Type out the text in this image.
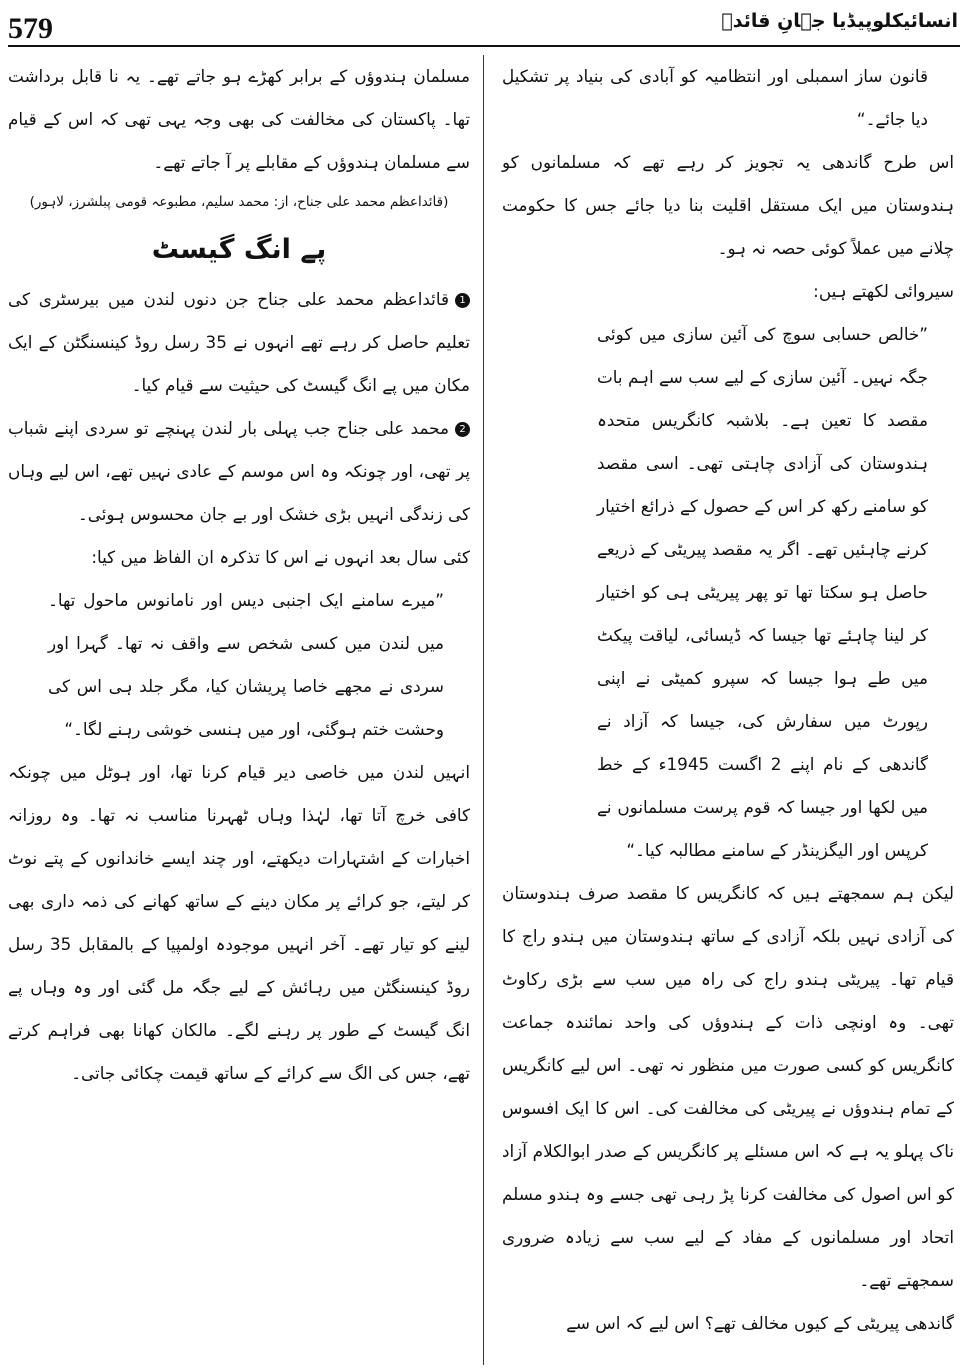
579	انسائیکلوپیڈیا جہانِ قائدؒ

قانون ساز اسمبلی اور انتظامیہ کو آبادی کی بنیاد پر تشکیل دیا جائے۔“

اس طرح گاندھی یہ تجویز کر رہے تھے کہ مسلمانوں کو ہندوستان میں ایک مستقل اقلیت بنا دیا جائے جس کا حکومت چلانے میں عملاً کوئی حصہ نہ ہو۔

سیروائی لکھتے ہیں:

”خالص حسابی سوچ کی آئین سازی میں کوئی جگہ نہیں۔ آئین سازی کے لیے سب سے اہم بات مقصد کا تعین ہے۔ بلاشبہ کانگریس متحدہ ہندوستان کی آزادی چاہتی تھی۔ اسی مقصد کو سامنے رکھ کر اس کے حصول کے ذرائع اختیار کرنے چاہئیں تھے۔ اگر یہ مقصد پیریٹی کے ذریعے حاصل ہو سکتا تھا تو پھر پیریٹی ہی کو اختیار کر لینا چاہئے تھا جیسا کہ ڈیسائی، لیاقت پیکٹ میں طے ہوا جیسا کہ سپرو کمیٹی نے اپنی رپورٹ میں سفارش کی، جیسا کہ آزاد نے گاندھی کے نام اپنے 2 اگست 1945ء کے خط میں لکھا اور جیسا کہ قوم پرست مسلمانوں نے کرپس اور الیگزینڈر کے سامنے مطالبہ کیا۔“

لیکن ہم سمجھتے ہیں کہ کانگریس کا مقصد صرف ہندوستان کی آزادی نہیں بلکہ آزادی کے ساتھ ہندوستان میں ہندو راج کا قیام تھا۔ پیریٹی ہندو راج کی راہ میں سب سے بڑی رکاوٹ تھی۔ وہ اونچی ذات کے ہندوؤں کی واحد نمائندہ جماعت کانگریس کو کسی صورت میں منظور نہ تھی۔ اس لیے کانگریس کے تمام ہندوؤں نے پیریٹی کی مخالفت کی۔ اس کا ایک افسوس ناک پہلو یہ ہے کہ اس مسئلے پر کانگریس کے صدر ابوالکلام آزاد کو اس اصول کی مخالفت کرنا پڑ رہی تھی جسے وہ ہندو مسلم اتحاد اور مسلمانوں کے مفاد کے لیے سب سے زیادہ ضروری سمجھتے تھے۔

گاندھی پیریٹی کے کیوں مخالف تھے؟ اس لیے کہ اس سے

مسلمان ہندوؤں کے برابر کھڑے ہو جاتے تھے۔ یہ نا قابل برداشت تھا۔ پاکستان کی مخالفت کی بھی وجہ یہی تھی کہ اس کے قیام سے مسلمان ہندوؤں کے مقابلے پر آ جاتے تھے۔

(قائداعظم محمد علی جناح، از: محمد سلیم، مطبوعہ قومی پبلشرز، لاہور)

پے انگ گیسٹ

1قائداعظم محمد علی جناح جن دنوں لندن میں بیرسٹری کی تعلیم حاصل کر رہے تھے انہوں نے 35 رسل روڈ کینسنگٹن کے ایک مکان میں پے انگ گیسٹ کی حیثیت سے قیام کیا۔

2محمد علی جناح جب پہلی بار لندن پہنچے تو سردی اپنے شباب پر تھی، اور چونکہ وہ اس موسم کے عادی نہیں تھے، اس لیے وہاں کی زندگی انہیں بڑی خشک اور بے جان محسوس ہوئی۔

کئی سال بعد انہوں نے اس کا تذکرہ ان الفاظ میں کیا:

”میرے سامنے ایک اجنبی دیس اور نامانوس ماحول تھا۔ میں لندن میں کسی شخص سے واقف نہ تھا۔ گہرا اور سردی نے مجھے خاصا پریشان کیا، مگر جلد ہی اس کی وحشت ختم ہوگئی، اور میں ہنسی خوشی رہنے لگا۔“

انہیں لندن میں خاصی دیر قیام کرنا تھا، اور ہوٹل میں چونکہ کافی خرچ آتا تھا، لہٰذا وہاں ٹھہرنا مناسب نہ تھا۔ وہ روزانہ اخبارات کے اشتہارات دیکھتے، اور چند ایسے خاندانوں کے پتے نوٹ کر لیتے، جو کرائے پر مکان دینے کے ساتھ کھانے کی ذمہ داری بھی لینے کو تیار تھے۔ آخر انہیں موجودہ اولمپیا کے بالمقابل 35 رسل روڈ کینسنگٹن میں رہائش کے لیے جگہ مل گئی اور وہ وہاں پے انگ گیسٹ کے طور پر رہنے لگے۔ مالکان کھانا بھی فراہم کرتے تھے، جس کی الگ سے کرائے کے ساتھ قیمت چکائی جاتی۔
